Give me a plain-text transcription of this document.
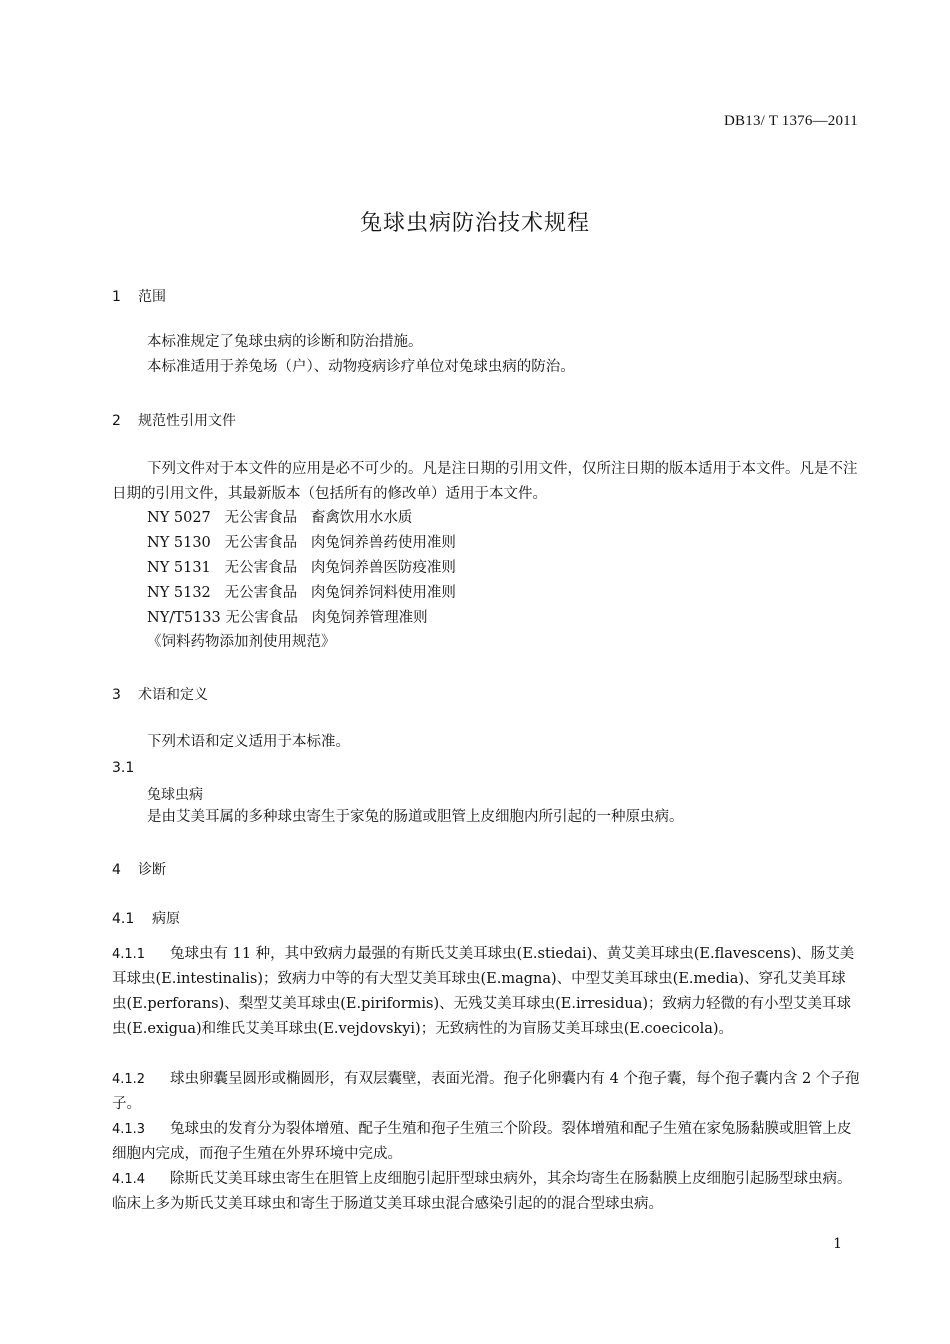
DB13/ T 1376—2011
兔球虫病防治技术规程
1 范围
本标准规定了兔球虫病的诊断和防治措施。
本标准适用于养兔场（户）、动物疫病诊疗单位对兔球虫病的防治。
2 规范性引用文件
下列文件对于本文件的应用是必不可少的。凡是注日期的引用文件，仅所注日期的版本适用于本文件。凡是不注日期的引用文件，其最新版本（包括所有的修改单）适用于本文件。
NY 5027   无公害食品   畜禽饮用水水质
NY 5130   无公害食品   肉兔饲养兽药使用准则
NY 5131   无公害食品   肉兔饲养兽医防疫准则
NY 5132   无公害食品   肉兔饲养饲料使用准则
NY/T5133 无公害食品   肉兔饲养管理准则
《饲料药物添加剂使用规范》
3 术语和定义
下列术语和定义适用于本标准。
3.1
兔球虫病
是由艾美耳属的多种球虫寄生于家兔的肠道或胆管上皮细胞内所引起的一种原虫病。
4 诊断
4.1 病原
4.1.1 兔球虫有 11 种，其中致病力最强的有斯氏艾美耳球虫(E.stiedai)、黄艾美耳球虫(E.flavescens)、肠艾美耳球虫(E.intestinalis)；致病力中等的有大型艾美耳球虫(E.magna)、中型艾美耳球虫(E.media)、穿孔艾美耳球虫(E.perforans)、梨型艾美耳球虫(E.piriformis)、无残艾美耳球虫(E.irresidua)；致病力轻微的有小型艾美耳球虫(E.exigua)和维氏艾美耳球虫(E.vejdovskyi)；无致病性的为盲肠艾美耳球虫(E.coecicola)。
4.1.2 球虫卵囊呈圆形或椭圆形，有双层囊壁，表面光滑。孢子化卵囊内有 4 个孢子囊，每个孢子囊内含 2 个子孢子。
4.1.3 兔球虫的发育分为裂体增殖、配子生殖和孢子生殖三个阶段。裂体增殖和配子生殖在家兔肠黏膜或胆管上皮细胞内完成，而孢子生殖在外界环境中完成。
4.1.4 除斯氏艾美耳球虫寄生在胆管上皮细胞引起肝型球虫病外，其余均寄生在肠黏膜上皮细胞引起肠型球虫病。临床上多为斯氏艾美耳球虫和寄生于肠道艾美耳球虫混合感染引起的的混合型球虫病。
1
